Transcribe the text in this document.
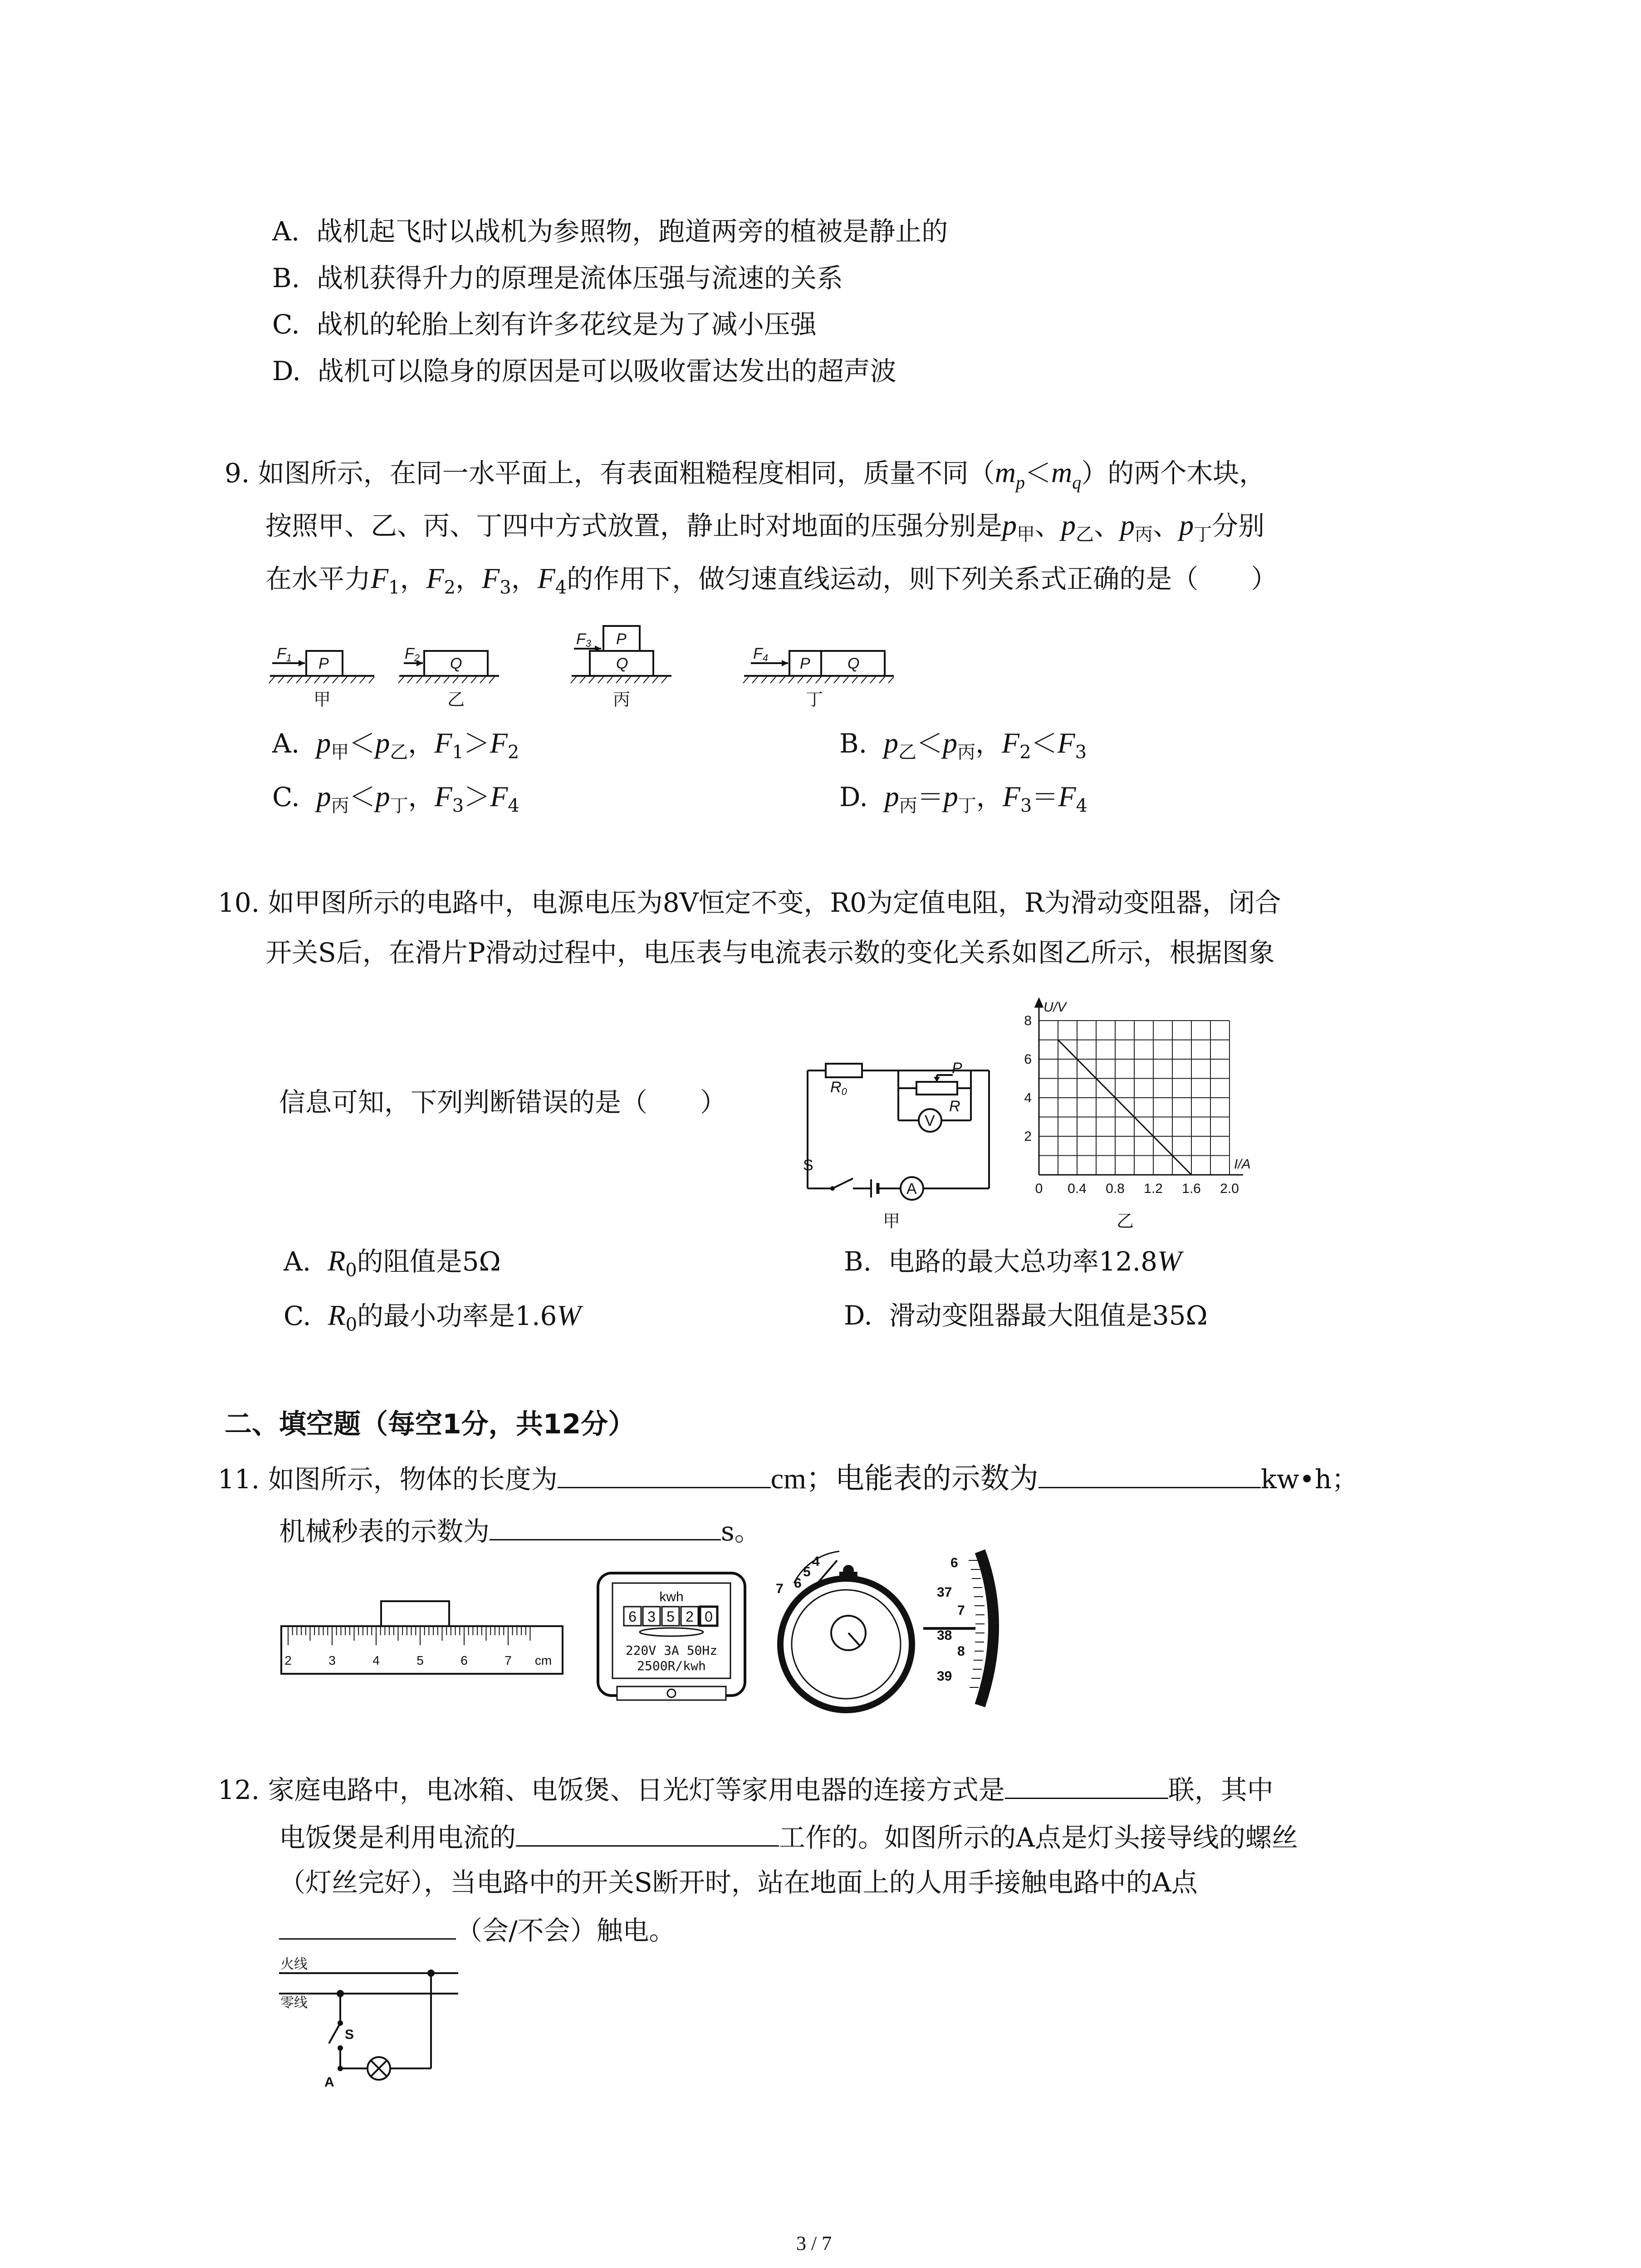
A. 战机起飞时以战机为参照物，跑道两旁的植被是静止的
B. 战机获得升力的原理是流体压强与流速的关系
C. 战机的轮胎上刻有许多花纹是为了减小压强
D. 战机可以隐身的原因是可以吸收雷达发出的超声波
9. 如图所示，在同一水平面上，有表面粗糙程度相同，质量不同$(m_p<m_q)$的两个木块，
按照甲、乙、丙、丁四中方式放置，静止时对地面的压强分别是$p_甲$、$p_乙$、$p_丙$、$p_丁$分别
在水平力$F_1$，$F_2$，$F_3$，$F_4$的作用下，做匀速直线运动，则下列关系式正确的是（　　）
F1 P
F2 Q
F3 P
Q
F4 P Q
甲	乙	丙	丁
A. $p_甲<p_乙$，$F_1>F_2$	B. $p_乙<p_丙$，$F_2<F_3$
C. $p_丙<p_丁$，$F_3>F_4$	D. $p_丙=p_丁$，$F_3=F_4$
10. 如甲图所示的电路中，电源电压为8V恒定不变，R0为定值电阻，R为滑动变阻器，闭合
开关S后，在滑片P滑动过程中，电压表与电流表示数的变化关系如图乙所示，根据图象
信息可知，下列判断错误的是（　　）	R0
P
R
V
A
S
甲
0 0.4 0.8 1.2 1.6 2.0
2
4
6
8
U/V
I/A
乙
A. $R_0$的阻值是5Ω	B.  电路的最大总功率12.8W
C. $R_0$的最小功率是1.6W	D. 滑动变阻器最大阻值是35Ω
二、填空题（每空1分，共12分）
11. 如图所示，物体的长度为	cm；电能表的示数为	kw•h；
机械秒表的示数为	s。
2	3	4	5	6	7 cm
kwh
6 3 5 2 0
220V 3A 50Hz
2500R/kwh
4
5
6
7
6
37
7
38
8
39
12. 家庭电路中，电冰箱、电饭煲、日光灯等家用电器的连接方式是	联，其中
电饭煲是利用电流的	工作的。如图所示的A点是灯头接导线的螺丝
（灯丝完好），当电路中的开关S断开时，站在地面上的人用手接触电路中的A点
（会/不会）触电。
火线
零线
S
A
3 / 7
